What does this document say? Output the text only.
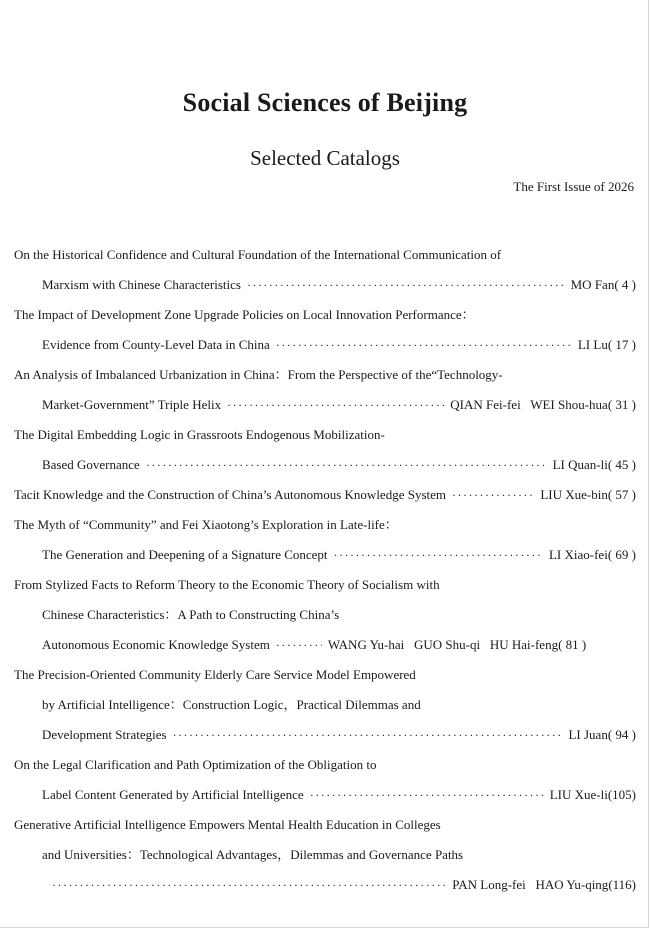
Social Sciences of Beijing
Selected Catalogs
The First Issue of 2026
On the Historical Confidence and Cultural Foundation of the International Communication of
Marxism with Chinese Characteristics ·····	MO Fan ( 4 )
The Impact of Development Zone Upgrade Policies on Local Innovation Performance：
Evidence from County-Level Data in China ·····	LI Lu ( 17 )
An Analysis of Imbalanced Urbanization in China：From the Perspective of the“Technology-
Market-Government” Triple Helix ·····	QIAN Fei-fei   WEI Shou-hua ( 31 )
The Digital Embedding Logic in Grassroots Endogenous Mobilization-
Based Governance ·····	LI Quan-li ( 45 )
Tacit Knowledge and the Construction of China’s Autonomous Knowledge System ·····	LIU Xue-bin ( 57 )
The Myth of “Community” and Fei Xiaotong’s Exploration in Late-life：
The Generation and Deepening of a Signature Concept ·····	LI Xiao-fei ( 69 )
From Stylized Facts to Reform Theory to the Economic Theory of Socialism with
Chinese Characteristics：A Path to Constructing China’s
Autonomous Economic Knowledge System ·····	WANG Yu-hai   GUO Shu-qi   HU Hai-feng ( 81 )
The Precision-Oriented Community Elderly Care Service Model Empowered
by Artificial Intelligence：Construction Logic，Practical Dilemmas and
Development Strategies ·····	LI Juan ( 94 )
On the Legal Clarification and Path Optimization of the Obligation to
Label Content Generated by Artificial Intelligence ·····	LIU Xue-li (105)
Generative Artificial Intelligence Empowers Mental Health Education in Colleges
and Universities：Technological Advantages，Dilemmas and Governance Paths
·····
PAN Long-fei   HAO Yu-qing (116)
